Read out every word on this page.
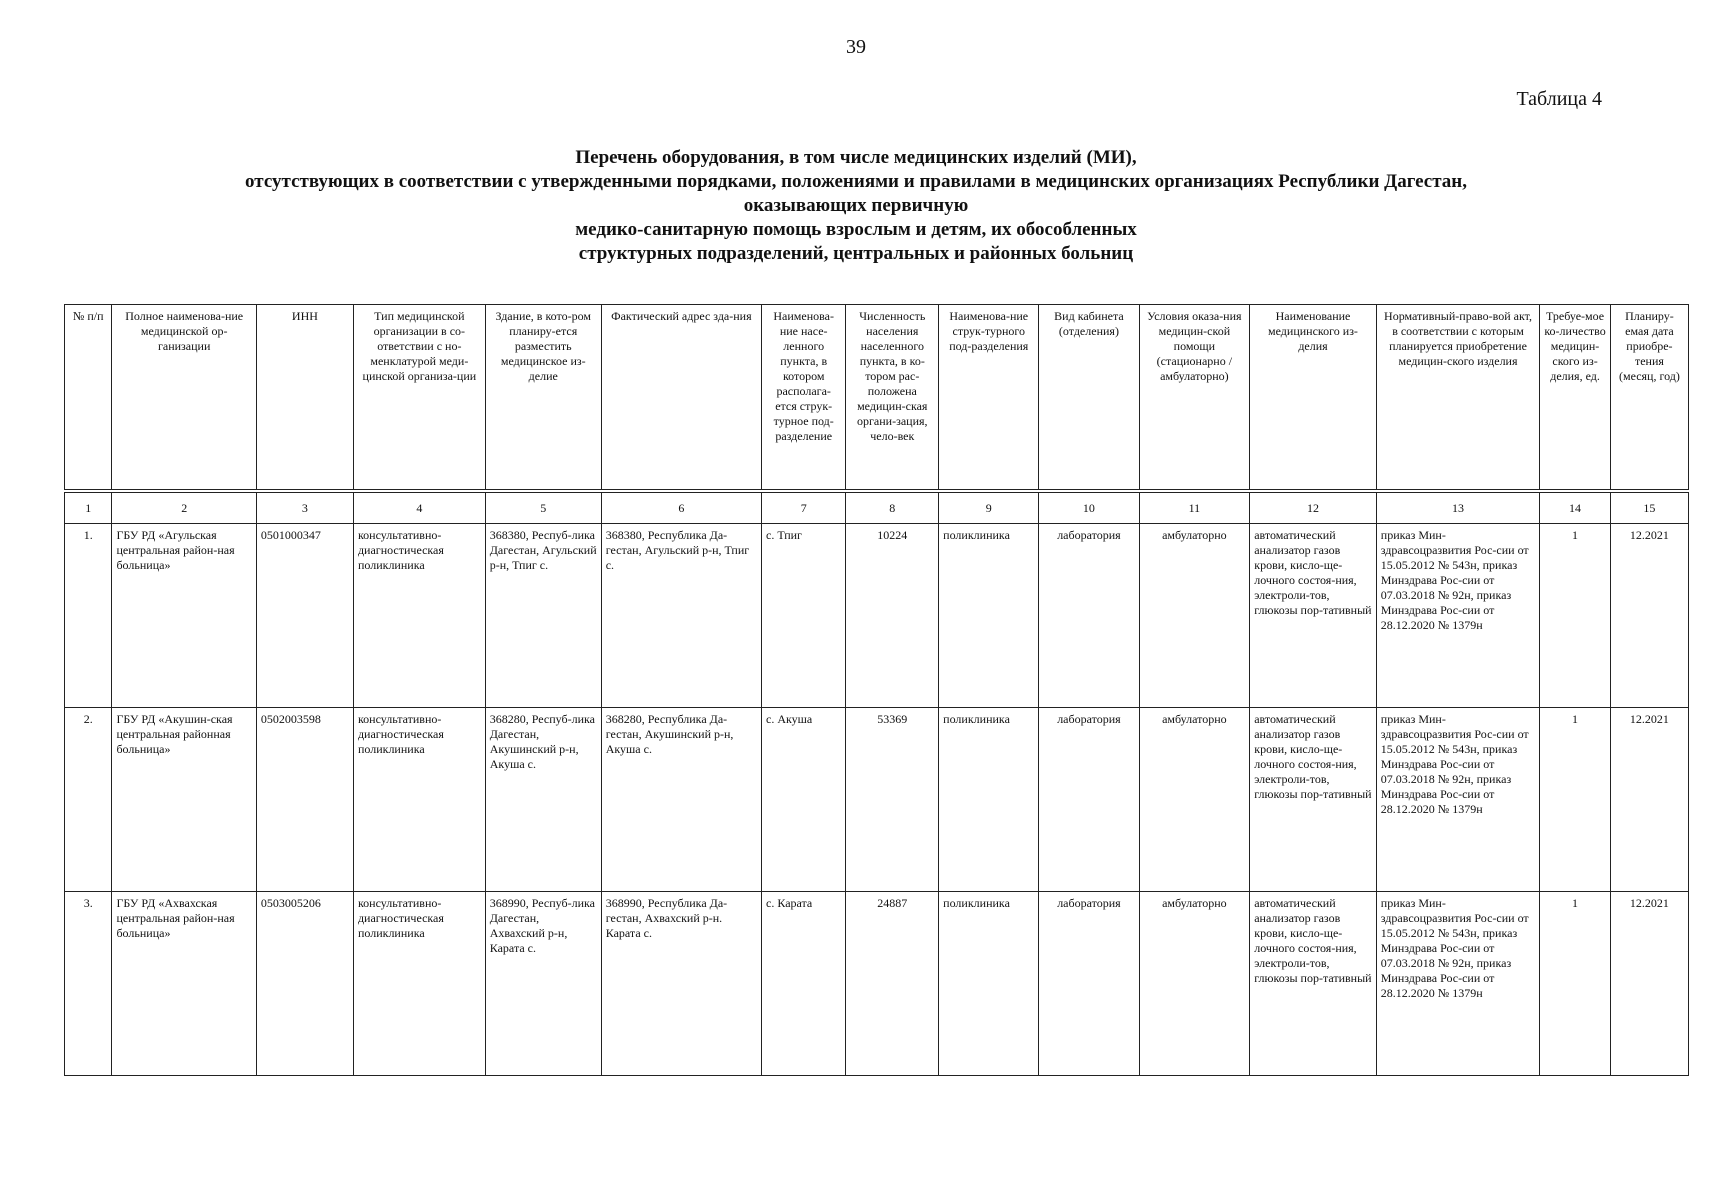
39
Таблица 4
Перечень оборудования, в том числе медицинских изделий (МИ),
отсутствующих в соответствии с утвержденными порядками, положениями и правилами в медицинских организациях Республики Дагестан,
оказывающих первичную
медико-санитарную помощь взрослым и детям, их обособленных
структурных подразделений, центральных и районных больниц
№ п/п	Полное наименова-ние медицинской ор-ганизации	ИНН	Тип медицинской организации в со-ответствии с но-менклатурой меди-цинской организа-ции	Здание, в кото-ром планиру-ется разместить медицинское из-делие	Фактический адрес зда-ния	Наименова-ние насе-ленного пункта, в котором располага-ется струк-турное под-разделение	Численность населения населенного пункта, в ко-тором рас-положена медицин-ская органи-зация, чело-век	Наименова-ние струк-турного под-разделения	Вид кабинета (отделения)	Условия оказа-ния медицин-ской помощи (стационарно / амбулаторно)	Наименование медицинского из-делия	Нормативный-право-вой акт, в соответствии с которым планируется приобретение медицин-ского изделия	Требуе-мое ко-личество медицин-ского из-делия, ед.	Планиру-емая дата приобре-тения (месяц, год)

1	2	3	4	5	6	7	8	9	10	11	12	13	14	15
1.	ГБУ РД «Агульская центральная район-ная больница»	0501000347	консультативно-диагностическая поликлиника	368380, Респуб-лика Дагестан, Агульский р-н, Тпиг с.	368380, Республика Да-гестан, Агульский р-н, Тпиг с.	с. Тпиг	10224	поликлиника	лаборатория	амбулаторно	автоматический анализатор газов крови, кисло-ще-лочного состоя-ния, электроли-тов, глюкозы пор-тативный	приказ Мин-здравсоцразвития Рос-сии от 15.05.2012 № 543н, приказ Минздрава Рос-сии от 07.03.2018 № 92н, приказ Минздрава Рос-сии от 28.12.2020 № 1379н	1	12.2021
2.	ГБУ РД «Акушин-ская центральная районная больница»	0502003598	консультативно-диагностическая поликлиника	368280, Респуб-лика Дагестан, Акушинский р-н, Акуша с.	368280, Республика Да-гестан, Акушинский р-н, Акуша с.	с. Акуша	53369	поликлиника	лаборатория	амбулаторно	автоматический анализатор газов крови, кисло-ще-лочного состоя-ния, электроли-тов, глюкозы пор-тативный	приказ Мин-здравсоцразвития Рос-сии от 15.05.2012 № 543н, приказ Минздрава Рос-сии от 07.03.2018 № 92н, приказ Минздрава Рос-сии от 28.12.2020 № 1379н	1	12.2021
3.	ГБУ РД «Ахвахская центральная район-ная больница»	0503005206	консультативно-диагностическая поликлиника	368990, Респуб-лика Дагестан, Ахвахский р-н, Карата с.	368990, Республика Да-гестан, Ахвахский р-н. Карата с.	с. Карата	24887	поликлиника	лаборатория	амбулаторно	автоматический анализатор газов крови, кисло-ще-лочного состоя-ния, электроли-тов, глюкозы пор-тативный	приказ Мин-здравсоцразвития Рос-сии от 15.05.2012 № 543н, приказ Минздрава Рос-сии от 07.03.2018 № 92н, приказ Минздрава Рос-сии от 28.12.2020 № 1379н	1	12.2021
